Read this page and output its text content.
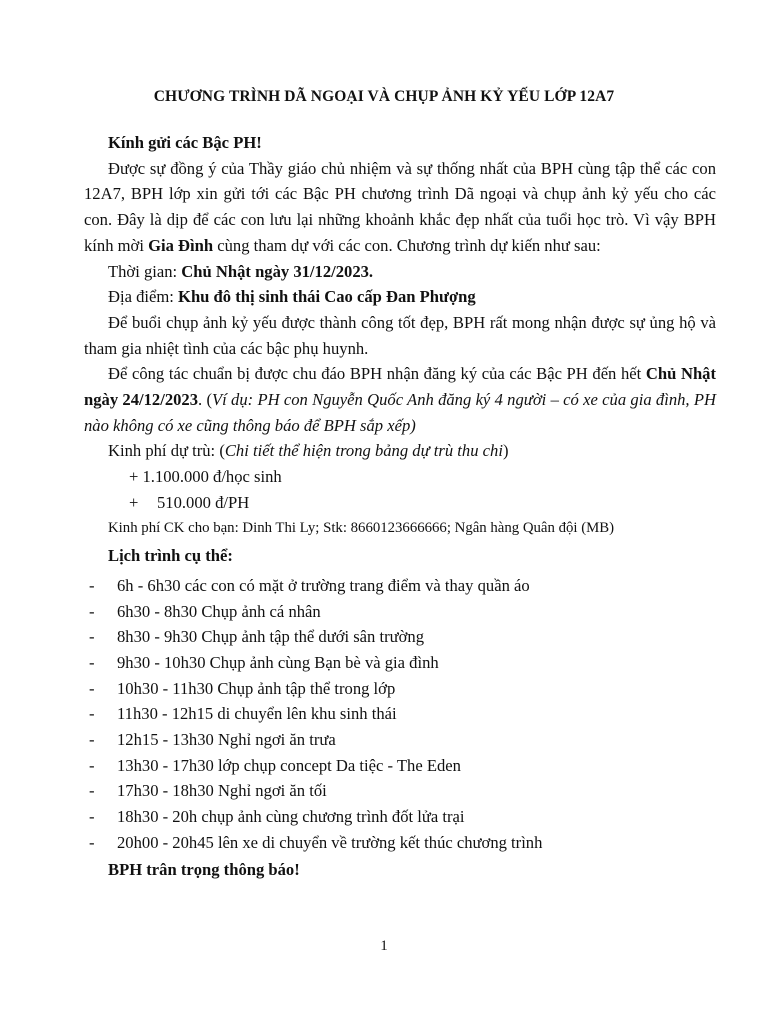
CHƯƠNG TRÌNH DÃ NGOẠI VÀ CHỤP ẢNH KỶ YẾU LỚP 12A7

Kính gửi các Bậc PH!

Được sự đồng ý của Thầy giáo chủ nhiệm và sự thống nhất của BPH cùng tập thể các con 12A7, BPH lớp xin gửi tới các Bậc PH chương trình Dã ngoại và chụp ảnh kỷ yếu cho các con. Đây là dịp để các con lưu lại những khoảnh khắc đẹp nhất của tuổi học trò. Vì vậy BPH kính mời Gia Đình cùng tham dự với các con. Chương trình dự kiến như sau:

Thời gian: Chủ Nhật ngày 31/12/2023.

Địa điểm: Khu đô thị sinh thái Cao cấp Đan Phượng

Để buổi chụp ảnh kỷ yếu được thành công tốt đẹp, BPH rất mong nhận được sự ủng hộ và tham gia nhiệt tình của các bậc phụ huynh.

Để công tác chuẩn bị được chu đáo BPH nhận đăng ký của các Bậc PH đến hết Chủ Nhật ngày 24/12/2023. (Ví dụ: PH con Nguyễn Quốc Anh đăng ký 4 người – có xe của gia đình, PH nào không có xe cũng thông báo để BPH sắp xếp)

Kinh phí dự trù: (Chi tiết thể hiện trong bảng dự trù thu chi)

+ 1.100.000 đ/học sinh

+ 510.000 đ/PH

Kinh phí CK cho bạn: Dinh Thi Ly; Stk: 8660123666666; Ngân hàng Quân đội (MB)

Lịch trình cụ thể:

- 6h - 6h30 các con có mặt ở trường trang điểm và thay quần áo
- 6h30 - 8h30 Chụp ảnh cá nhân
- 8h30 - 9h30 Chụp ảnh tập thể dưới sân trường
- 9h30 - 10h30 Chụp ảnh cùng Bạn bè và gia đình
- 10h30 - 11h30 Chụp ảnh tập thể trong lớp
- 11h30 - 12h15 di chuyển lên khu sinh thái
- 12h15 - 13h30 Nghỉ ngơi ăn trưa
- 13h30 - 17h30 lớp chụp concept Da tiệc - The Eden
- 17h30 - 18h30 Nghỉ ngơi ăn tối
- 18h30 - 20h chụp ảnh cùng chương trình đốt lửa trại
- 20h00 - 20h45 lên xe di chuyển về trường kết thúc chương trình

BPH trân trọng thông báo!

1
